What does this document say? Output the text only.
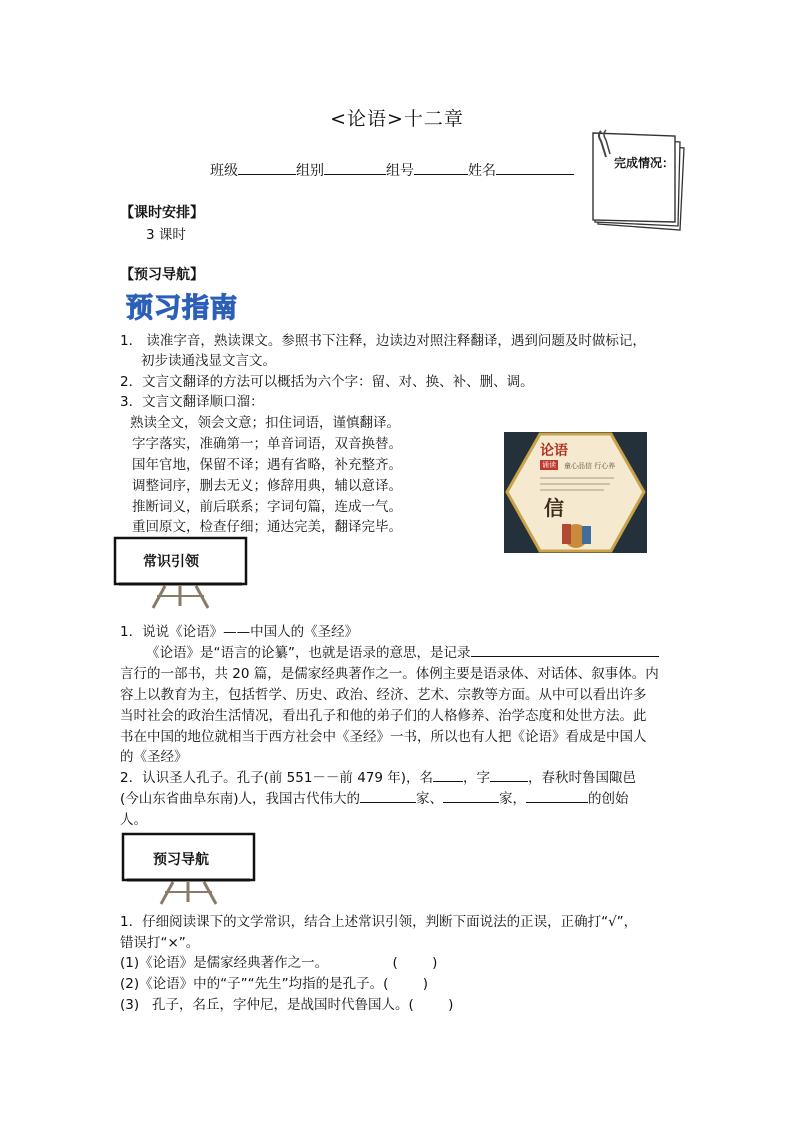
<论语>十二章
班级	组别	组号	姓名	完成情况：
【课时安排】
3 课时
【预习导航】
预习指南
1． 读准字音，熟读课文。参照书下注释，边读边对照注释翻译，遇到问题及时做标记，
初步读通浅显文言文。
2．文言文翻译的方法可以概括为六个字：留、对、换、补、删、调。
3．文言文翻译顺口溜：
熟读全文，领会文意；扣住词语，谨慎翻译。
字字落实，准确第一；单音词语，双音换替。
国年官地，保留不译；遇有省略，补充整齐。
调整词序，删去无义；修辞用典，辅以意译。
推断词义，前后联系；字词句篇，连成一气。
重回原文，检查仔细；通达完美，翻译完毕。
论语
诵读 童心品信 行心养
信
常识引领
1．说说《论语》——中国人的《圣经》
《论语》是“语言的论纂”，也就是语录的意思，是记录
言行的一部书，共 20 篇，是儒家经典著作之一。体例主要是语录体、对话体、叙事体。内
容上以教育为主，包括哲学、历史、政治、经济、艺术、宗教等方面。从中可以看出许多
当时社会的政治生活情况，看出孔子和他的弟子们的人格修养、治学态度和处世方法。此
书在中国的地位就相当于西方社会中《圣经》一书，所以也有人把《论语》看成是中国人
的《圣经》
2．认识圣人孔子。孔子(前 551－－前 479 年)，名 ，字	，春秋时鲁国陬邑
(今山东省曲阜东南)人，我国古代伟大的	家、	家，	的创始
人。
预习导航
1．仔细阅读课下的文学常识，结合上述常识引领，判断下面说法的正误，正确打“√”，
错误打“×”。
(1)《论语》是儒家经典著作之一。               (        )
(2)《论语》中的“子”“先生”均指的是孔子。(        )
(3)   孔子，名丘，字仲尼，是战国时代鲁国人。(        )
